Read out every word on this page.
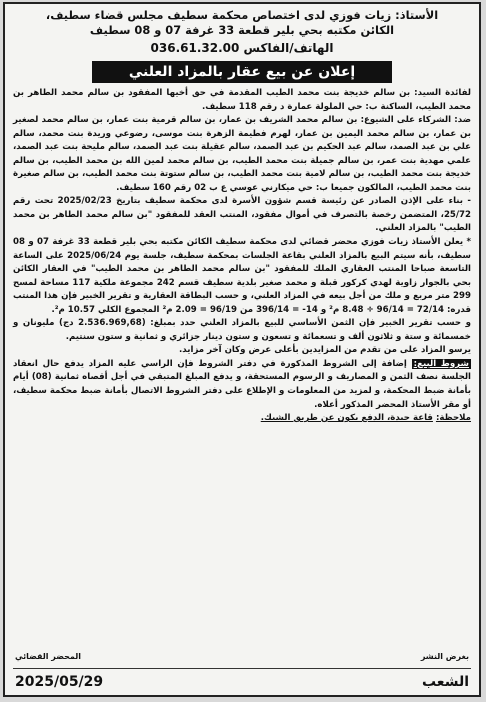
الأستاذ: زيات فوزي لدى اختصاص محكمة سطيف مجلس قضاء سطيف،
الكائن مكتبه بحي بلير قطعة 33 غرفة 07 و 08 سطيف
الهاتف/الفاكس 036.61.32.00
إعلان عن بيع عقار بالمزاد العلني

لفائدة السيد: بن سالم خديجة بنت محمد الطيب المقدمة في حق أخيها المفقود بن سالم محمد الطاهر بن محمد الطيب، الساكنة ب: حي الملولة عمارة د رقم 118 سطيف.

ضد: الشركاء على الشيوع: بن سالم محمد الشريف بن عمار، بن سالم قرمية بنت عمار، بن سالم محمد لصغير بن عمار، بن سالم محمد اليمين بن عمار، لهرم فطيمة الزهرة بنت موسى، رضوعي وريدة بنت محمد، سالم علي بن عبد الصمد، سالم عبد الحكيم بن عبد الصمد، سالم عقيلة بنت عبد الصمد، سالم مليحة بنت عبد الصمد، علمي مهدية بنت عمر، بن سالم جميلة بنت محمد الطيب، بن سالم محمد لمين الله بن محمد الطيب، بن سالم خديجة بنت محمد الطيب، بن سالم لامية بنت محمد الطيب، بن سالم ستوتة بنت محمد الطيب، بن سالم صغيرة بنت محمد الطيب، المالكون جميعا ب: حي ميكارني عوسي ع ب 02 رقم 160 سطيف.

- بناء على الإذن الصادر عن رئيسة قسم شؤون الأسرة لدى محكمة سطيف بتاريخ 2025/02/23 تحت رقم 25/72، المتضمن رخصة بالتصرف في أموال مفقود، المنتب العقد للمفقود "بن سالم محمد الطاهر بن محمد الطيب" بالمزاد العلني.

* يعلن الأستاذ زيات فوزي محضر قضائي لدى محكمة سطيف الكائن مكتبه بحي بلير قطعة 33 غرفة 07 و 08 سطيف، بأنه سيتم البيع بالمزاد العلني بقاعة الجلسات بمحكمة سطيف، جلسة يوم 2025/06/24 على الساعة التاسعة صباحا المنتب العقاري الملك للمفقود "بن سالم محمد الطاهر بن محمد الطيب" في العقار الكائن بحي بالجوار زاوية لهدي كركور قبلة و محمد صغير بلدية سطيف قسم 242 مجموعة ملكية 117 مساحة لمسح 299 متر مربع و ملك من أجل بيعه في المزاد العلني، و حسب البطاقة العقارية و تقرير الخبير فإن هذا المنتب قدره: 72/14 = 96/14 ÷ 8.48 م² و 14- = 396/14 من 96/19 = 2.09 م² المجموع الكلي 10.57 م².

و حسب تقرير الخبير فإن الثمن الأساسي للبيع بالمزاد العلني حدد بمبلغ: (2.536.969,68 دج) مليونان و خمسمائة و ستة و ثلاثون ألف و تسعمائة و تسعون و ستون دينار جزائري و ثمانية و ستون سنتيم.

يرسو المزاد على من تقدم من المزايدين بأعلى عرض وكان آخر مزايد.

شروط البيع: إضافة إلى الشروط المذكورة في دفتر الشروط فإن الراسي عليه المزاد يدفع حال انعقاد الجلسة نصف الثمن و المصاريف و الرسوم المستحقة، و يدفع المبلغ المتبقي في أجل أقصاه ثمانية (08) أيام بأمانة ضبط المحكمة، و لمزيد من المعلومات و الإطلاع على دفتر الشروط الاتصال بأمانة ضبط محكمة سطيف، أو مقر الأستاذ المحضر المذكور أعلاه.

ملاحظة: قاعة جيدة، الدفع يكون عن طريق الشيك.

بغرض النشر
المحضر القضائي
الشعب
2025/05/29
